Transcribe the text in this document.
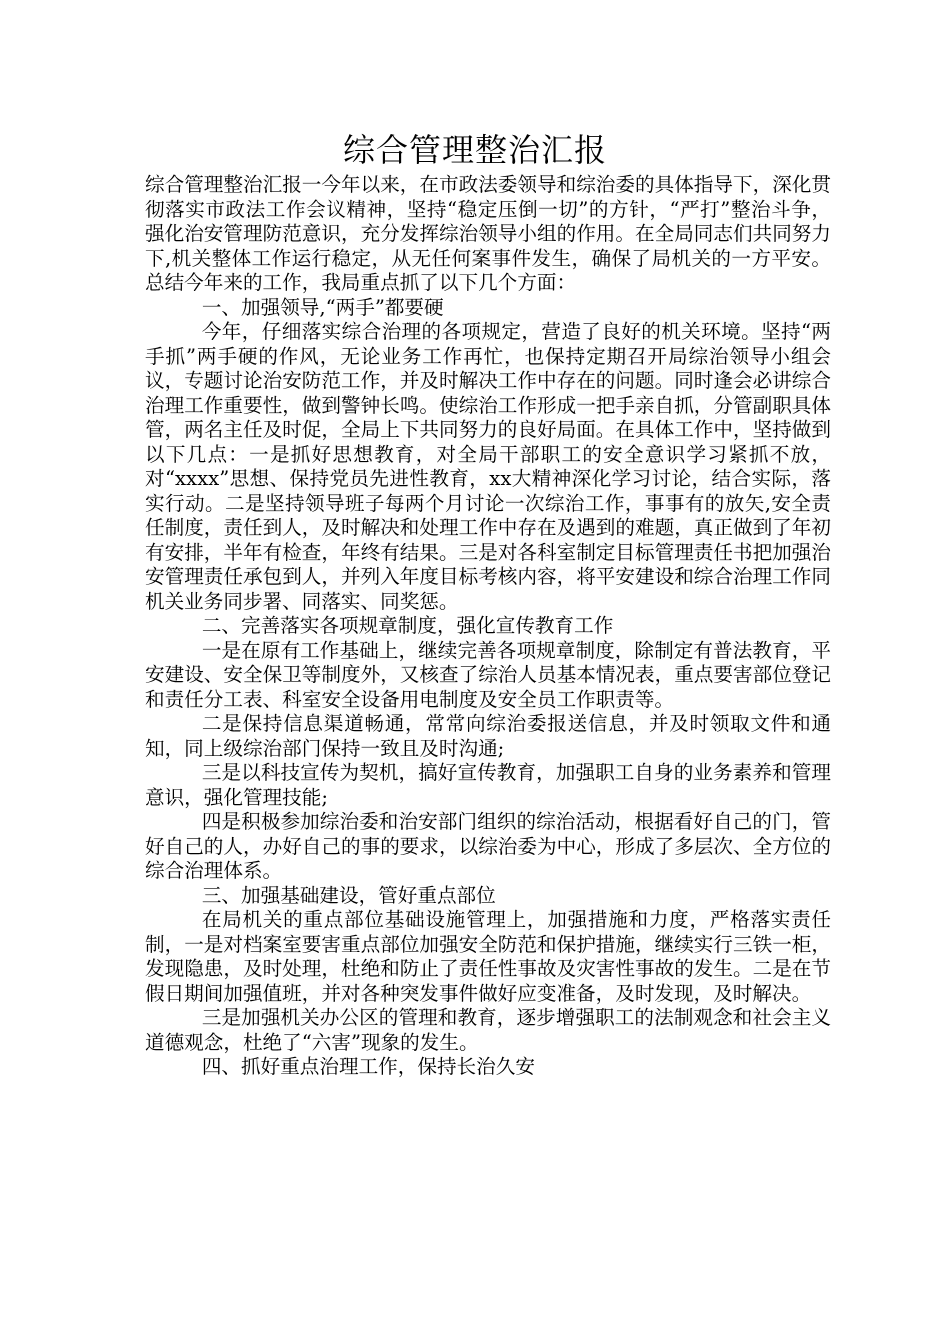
综合管理整治汇报

综合管理整治汇报一今年以来，在市政法委领导和综治委的具体指导下，深化贯彻落实市政法工作会议精神，坚持“稳定压倒一切”的方针，“严打”整治斗争，强化治安管理防范意识，充分发挥综治领导小组的作用。在全局同志们共同努力下,机关整体工作运行稳定，从无任何案事件发生，确保了局机关的一方平安。总结今年来的工作，我局重点抓了以下几个方面：

一、加强领导,“两手”都要硬

今年，仔细落实综合治理的各项规定，营造了良好的机关环境。坚持“两手抓”两手硬的作风，无论业务工作再忙，也保持定期召开局综治领导小组会议，专题讨论治安防范工作，并及时解决工作中存在的问题。同时逢会必讲综合治理工作重要性，做到警钟长鸣。使综治工作形成一把手亲自抓，分管副职具体管，两名主任及时促，全局上下共同努力的良好局面。在具体工作中，坚持做到以下几点：一是抓好思想教育，对全局干部职工的安全意识学习紧抓不放，对“xxxx”思想、保持党员先进性教育，xx大精神深化学习讨论，结合实际，落实行动。二是坚持领导班子每两个月讨论一次综治工作，事事有的放矢,安全责任制度，责任到人，及时解决和处理工作中存在及遇到的难题，真正做到了年初有安排，半年有检查，年终有结果。三是对各科室制定目标管理责任书把加强治安管理责任承包到人，并列入年度目标考核内容，将平安建设和综合治理工作同机关业务同步署、同落实、同奖惩。

二、完善落实各项规章制度，强化宣传教育工作

一是在原有工作基础上，继续完善各项规章制度，除制定有普法教育，平安建设、安全保卫等制度外，又核查了综治人员基本情况表，重点要害部位登记和责任分工表、科室安全设备用电制度及安全员工作职责等。

二是保持信息渠道畅通，常常向综治委报送信息，并及时领取文件和通知，同上级综治部门保持一致且及时沟通;

三是以科技宣传为契机，搞好宣传教育，加强职工自身的业务素养和管理意识，强化管理技能;

四是积极参加综治委和治安部门组织的综治活动，根据看好自己的门，管好自己的人，办好自己的事的要求，以综治委为中心，形成了多层次、全方位的综合治理体系。

三、加强基础建设，管好重点部位

在局机关的重点部位基础设施管理上，加强措施和力度，严格落实责任制，一是对档案室要害重点部位加强安全防范和保护措施，继续实行三铁一柜，发现隐患，及时处理，杜绝和防止了责任性事故及灾害性事故的发生。二是在节假日期间加强值班，并对各种突发事件做好应变准备，及时发现，及时解决。

三是加强机关办公区的管理和教育，逐步增强职工的法制观念和社会主义道德观念，杜绝了“六害”现象的发生。

四、抓好重点治理工作，保持长治久安
